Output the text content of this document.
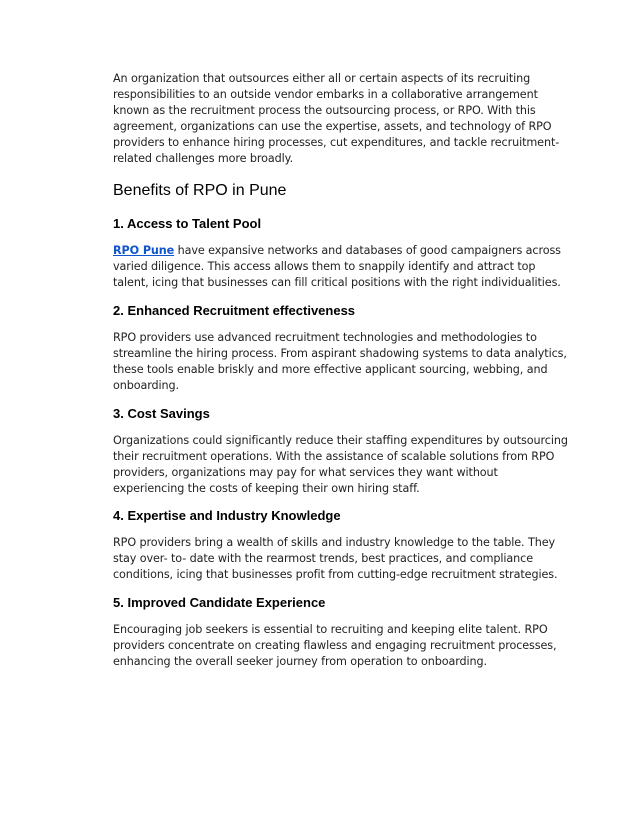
An organization that outsources either all or certain aspects of its recruiting responsibilities to an outside vendor embarks in a collaborative arrangement known as the recruitment process the outsourcing process, or RPO. With this agreement, organizations can use the expertise, assets, and technology of RPO providers to enhance hiring processes, cut expenditures, and tackle recruitment-related challenges more broadly.

Benefits of RPO in Pune
1. Access to Talent Pool

RPO Pune have expansive networks and databases of good campaigners across varied diligence. This access allows them to snappily identify and attract top talent, icing that businesses can fill critical positions with the right individualities.

2. Enhanced Recruitment effectiveness

RPO providers use advanced recruitment technologies and methodologies to streamline the hiring process. From aspirant shadowing systems to data analytics, these tools enable briskly and more effective applicant sourcing, webbing, and onboarding.

3. Cost Savings

Organizations could significantly reduce their staffing expenditures by outsourcing their recruitment operations. With the assistance of scalable solutions from RPO providers, organizations may pay for what services they want without experiencing the costs of keeping their own hiring staff.

4. Expertise and Industry Knowledge

RPO providers bring a wealth of skills and industry knowledge to the table. They stay over- to- date with the rearmost trends, best practices, and compliance conditions, icing that businesses profit from cutting-edge recruitment strategies.

5. Improved Candidate Experience

Encouraging job seekers is essential to recruiting and keeping elite talent. RPO providers concentrate on creating flawless and engaging recruitment processes, enhancing the overall seeker journey from operation to onboarding.
